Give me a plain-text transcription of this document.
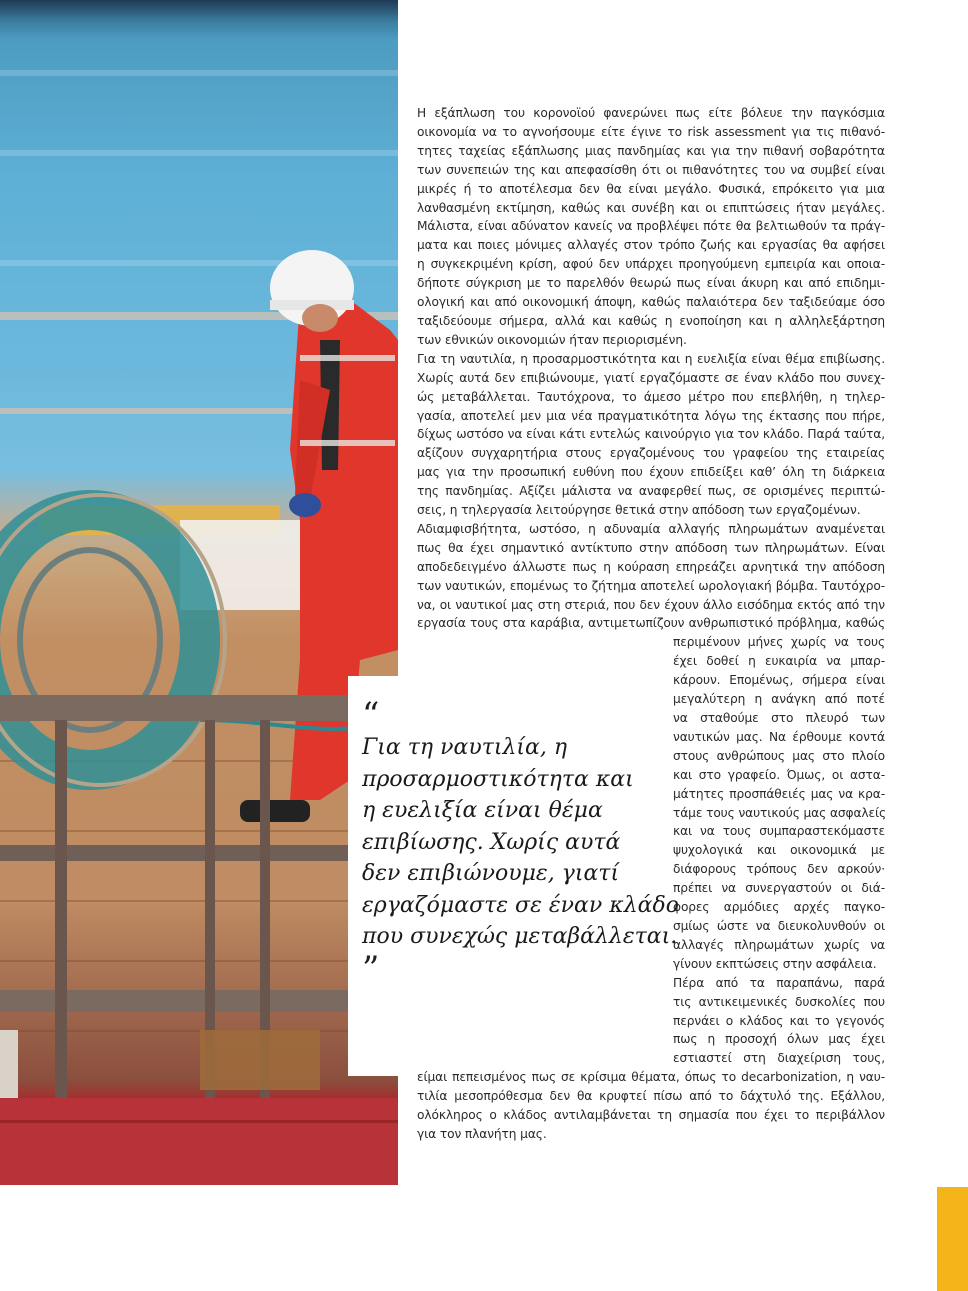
“
Για τη ναυτιλία, η
προσαρμοστικότητα και
η ευελιξία είναι θέμα
επιβίωσης. Χωρίς αυτά
δεν επιβιώνουμε, γιατί
εργαζόμαστε σε έναν κλάδο
που συνεχώς μεταβάλλεται.
”
Η εξάπλωση του κορονοϊού φανερώνει πως είτε βόλευε την παγκόσμια
οικονομία να το αγνοήσουμε είτε έγινε το risk assessment για τις πιθανό-
τητες ταχείας εξάπλωσης μιας πανδημίας και για την πιθανή σοβαρότητα
των συνεπειών της και απεφασίσθη ότι οι πιθανότητες του να συμβεί είναι
μικρές ή το αποτέλεσμα δεν θα είναι μεγάλο. Φυσικά, επρόκειτο για μια
λανθασμένη εκτίμηση, καθώς και συνέβη και οι επιπτώσεις ήταν μεγάλες.
Μάλιστα, είναι αδύνατον κανείς να προβλέψει πότε θα βελτιωθούν τα πράγ-
ματα και ποιες μόνιμες αλλαγές στον τρόπο ζωής και εργασίας θα αφήσει
η συγκεκριμένη κρίση, αφού δεν υπάρχει προηγούμενη εμπειρία και οποια-
δήποτε σύγκριση με το παρελθόν θεωρώ πως είναι άκυρη και από επιδημι-
ολογική και από οικονομική άποψη, καθώς παλαιότερα δεν ταξιδεύαμε όσο
ταξιδεύουμε σήμερα, αλλά και καθώς η ενοποίηση και η αλληλεξάρτηση
των εθνικών οικονομιών ήταν περιορισμένη.
Για τη ναυτιλία, η προσαρμοστικότητα και η ευελιξία είναι θέμα επιβίωσης.
Χωρίς αυτά δεν επιβιώνουμε, γιατί εργαζόμαστε σε έναν κλάδο που συνεχ-
ώς μεταβάλλεται. Ταυτόχρονα, το άμεσο μέτρο που επεβλήθη, η τηλερ-
γασία, αποτελεί μεν μια νέα πραγματικότητα λόγω της έκτασης που πήρε,
δίχως ωστόσο να είναι κάτι εντελώς καινούργιο για τον κλάδο. Παρά ταύτα,
αξίζουν συγχαρητήρια στους εργαζομένους του γραφείου της εταιρείας
μας για την προσωπική ευθύνη που έχουν επιδείξει καθ’ όλη τη διάρκεια
της πανδημίας. Αξίζει μάλιστα να αναφερθεί πως, σε ορισμένες περιπτώ-
σεις, η τηλεργασία λειτούργησε θετικά στην απόδοση των εργαζομένων.
Αδιαμφισβήτητα, ωστόσο, η αδυναμία αλλαγής πληρωμάτων αναμένεται
πως θα έχει σημαντικό αντίκτυπο στην απόδοση των πληρωμάτων. Είναι
αποδεδειγμένο άλλωστε πως η κούραση επηρεάζει αρνητικά την απόδοση
των ναυτικών, επομένως το ζήτημα αποτελεί ωρολογιακή βόμβα. Ταυτόχρο-
να, οι ναυτικοί μας στη στεριά, που δεν έχουν άλλο εισόδημα εκτός από την
εργασία τους στα καράβια, αντιμετωπίζουν ανθρωπιστικό πρόβλημα, καθώς
περιμένουν μήνες χωρίς να τους
έχει δοθεί η ευκαιρία να μπαρ-
κάρουν. Επομένως, σήμερα είναι
μεγαλύτερη η ανάγκη από ποτέ
να σταθούμε στο πλευρό των
ναυτικών μας. Να έρθουμε κοντά
στους ανθρώπους μας στο πλοίο
και στο γραφείο. Όμως, οι αστα-
μάτητες προσπάθειές μας να κρα-
τάμε τους ναυτικούς μας ασφαλείς
και να τους συμπαραστεκόμαστε
ψυχολογικά και οικονομικά με
διάφορους τρόπους δεν αρκούν·
πρέπει να συνεργαστούν οι διά-
φορες αρμόδιες αρχές παγκο-
σμίως ώστε να διευκολυνθούν οι
αλλαγές πληρωμάτων χωρίς να
γίνουν εκπτώσεις στην ασφάλεια.
Πέρα από τα παραπάνω, παρά
τις αντικειμενικές δυσκολίες που
περνάει ο κλάδος και το γεγονός
πως η προσοχή όλων μας έχει
εστιαστεί στη διαχείριση τους,
είμαι πεπεισμένος πως σε κρίσιμα θέματα, όπως το decarbonization, η ναυ-
τιλία μεσοπρόθεσμα δεν θα κρυφτεί πίσω από το δάχτυλό της. Εξάλλου,
ολόκληρος ο κλάδος αντιλαμβάνεται τη σημασία που έχει το περιβάλλον
για τον πλανήτη μας.
